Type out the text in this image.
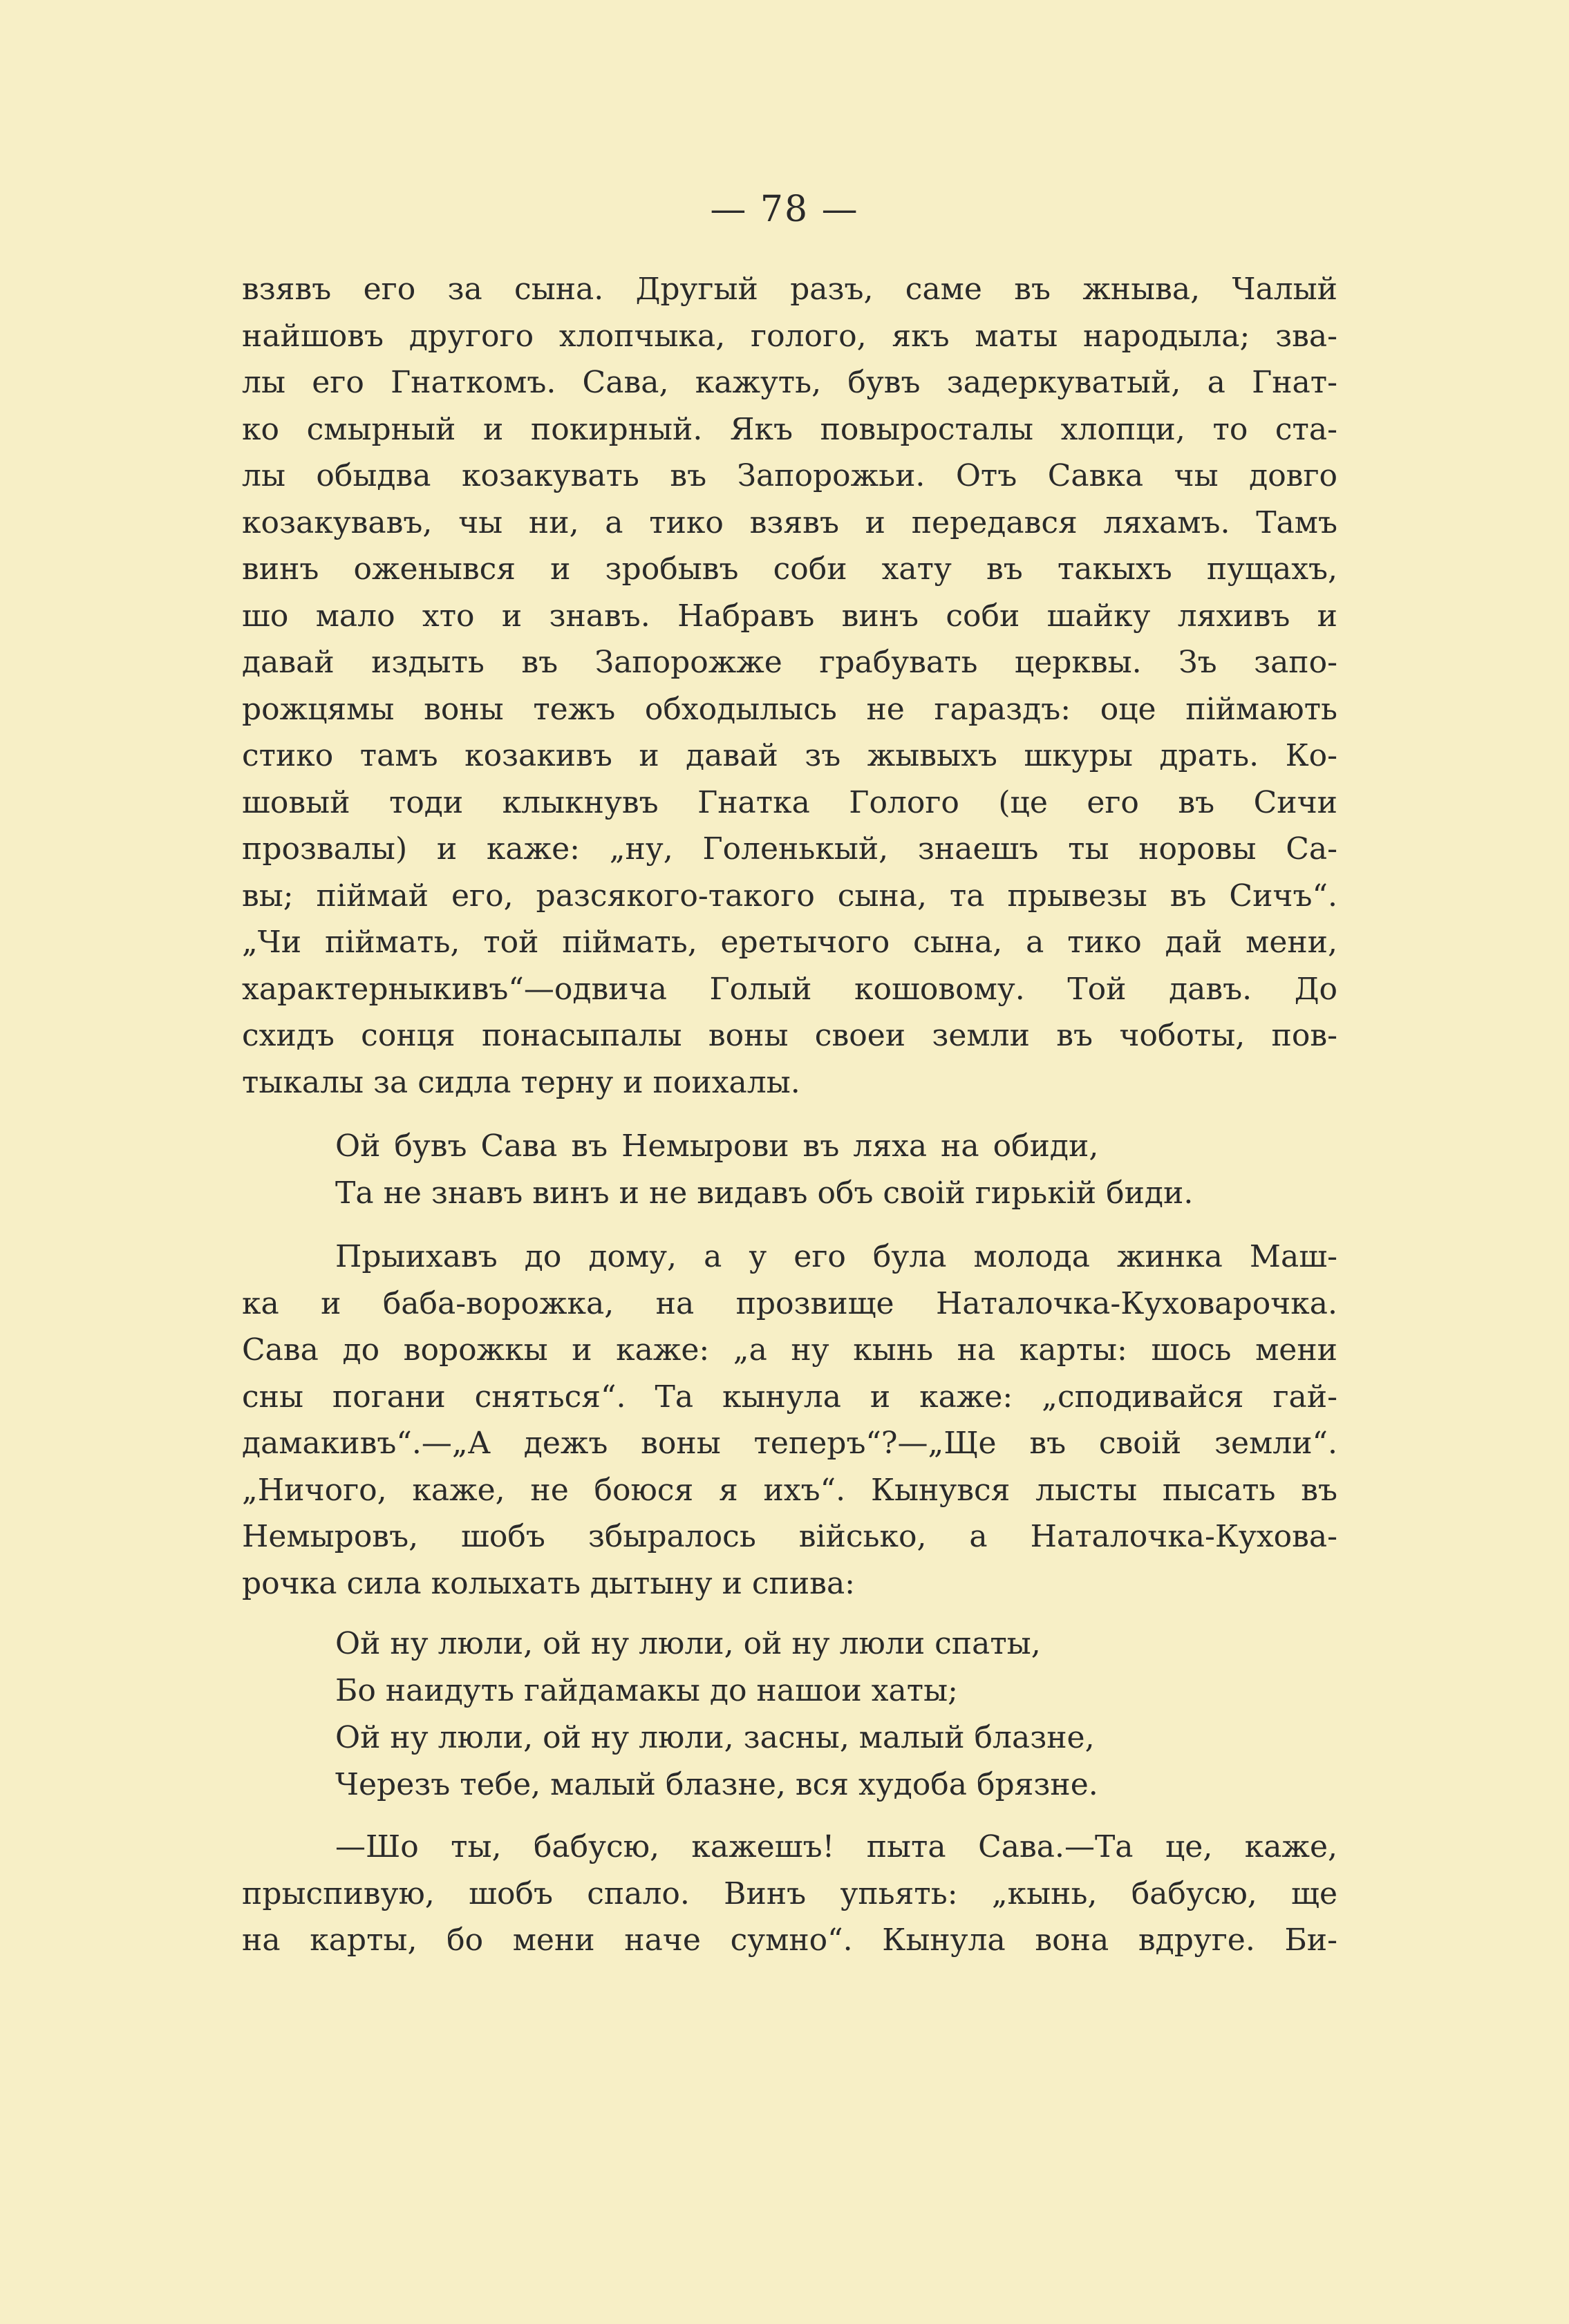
— 78 —

взявъ его за сына. Другый разъ, саме въ жныва, Чалый

найшовъ другого хлопчыка, голого, якъ маты народыла; зва-

лы его Гнаткомъ. Сава, кажуть, бувъ задеркуватый, а Гнат-

ко смырный и покирный. Якъ повыросталы хлопци, то ста-

лы обыдва козакувать въ Запорожьи. Отъ Савка чы довго

козакувавъ, чы ни, а тико взявъ и передався ляхамъ. Тамъ

винъ оженывся и зробывъ соби хату въ такыхъ пущахъ,

шо мало хто и знавъ. Набравъ винъ соби шайку ляхивъ и

давай издыть въ Запорожже грабувать церквы. Зъ запо-

рожцямы воны тежъ обходылысь не гараздъ: оце піймають

стико тамъ козакивъ и давай зъ жывыхъ шкуры драть. Ко-

шовый тоди клыкнувъ Гнатка Голого (це его въ Сичи

прозвалы) и каже: „ну, Голенькый, знаешъ ты норовы Са-

вы; піймай его, разсякого-такого сына, та прывезы въ Сичъ“.

„Чи піймать, той піймать, еретычого сына, а тико дай мени,

характерныкивъ“—одвича Голый кошовому. Той давъ. До

схидъ сонця понасыпалы воны своеи земли въ чоботы, пов-

тыкалы за сидла терну и поихалы.

Ой бувъ Сава въ Немырови въ ляха на обиди,

Та не знавъ винъ и не видавъ объ своій гирькій биди.

Прыихавъ до дому, а у его була молода жинка Маш-

ка и баба-ворожка, на прозвище Наталочка-Куховарочка.

Сава до ворожкы и каже: „а ну кынь на карты: шось мени

сны погани сняться“. Та кынула и каже: „сподивайся гай-

дамакивъ“.—„А дежъ воны теперъ“?—„Ще въ своій земли“.

„Ничого, каже, не боюся я ихъ“. Кынувся лысты пысать въ

Немыровъ, шобъ збыралось військo, а Наталочка-Кухова-

рочка сила колыхать дытыну и спива:

Ой ну люли, ой ну люли, ой ну люли спаты,

Бо наидуть гайдамакы до нашои хаты;

Ой ну люли, ой ну люли, засны, малый блазне,

Черезъ тебе, малый блазне, вся худоба брязне.

—Шо ты, бабусю, кажешъ! пыта Сава.—Та це, каже,

прыспивую, шобъ спало. Винъ упьять: „кынь, бабусю, ще

на карты, бо мени наче сумно“. Кынула вона вдруге. Би-
